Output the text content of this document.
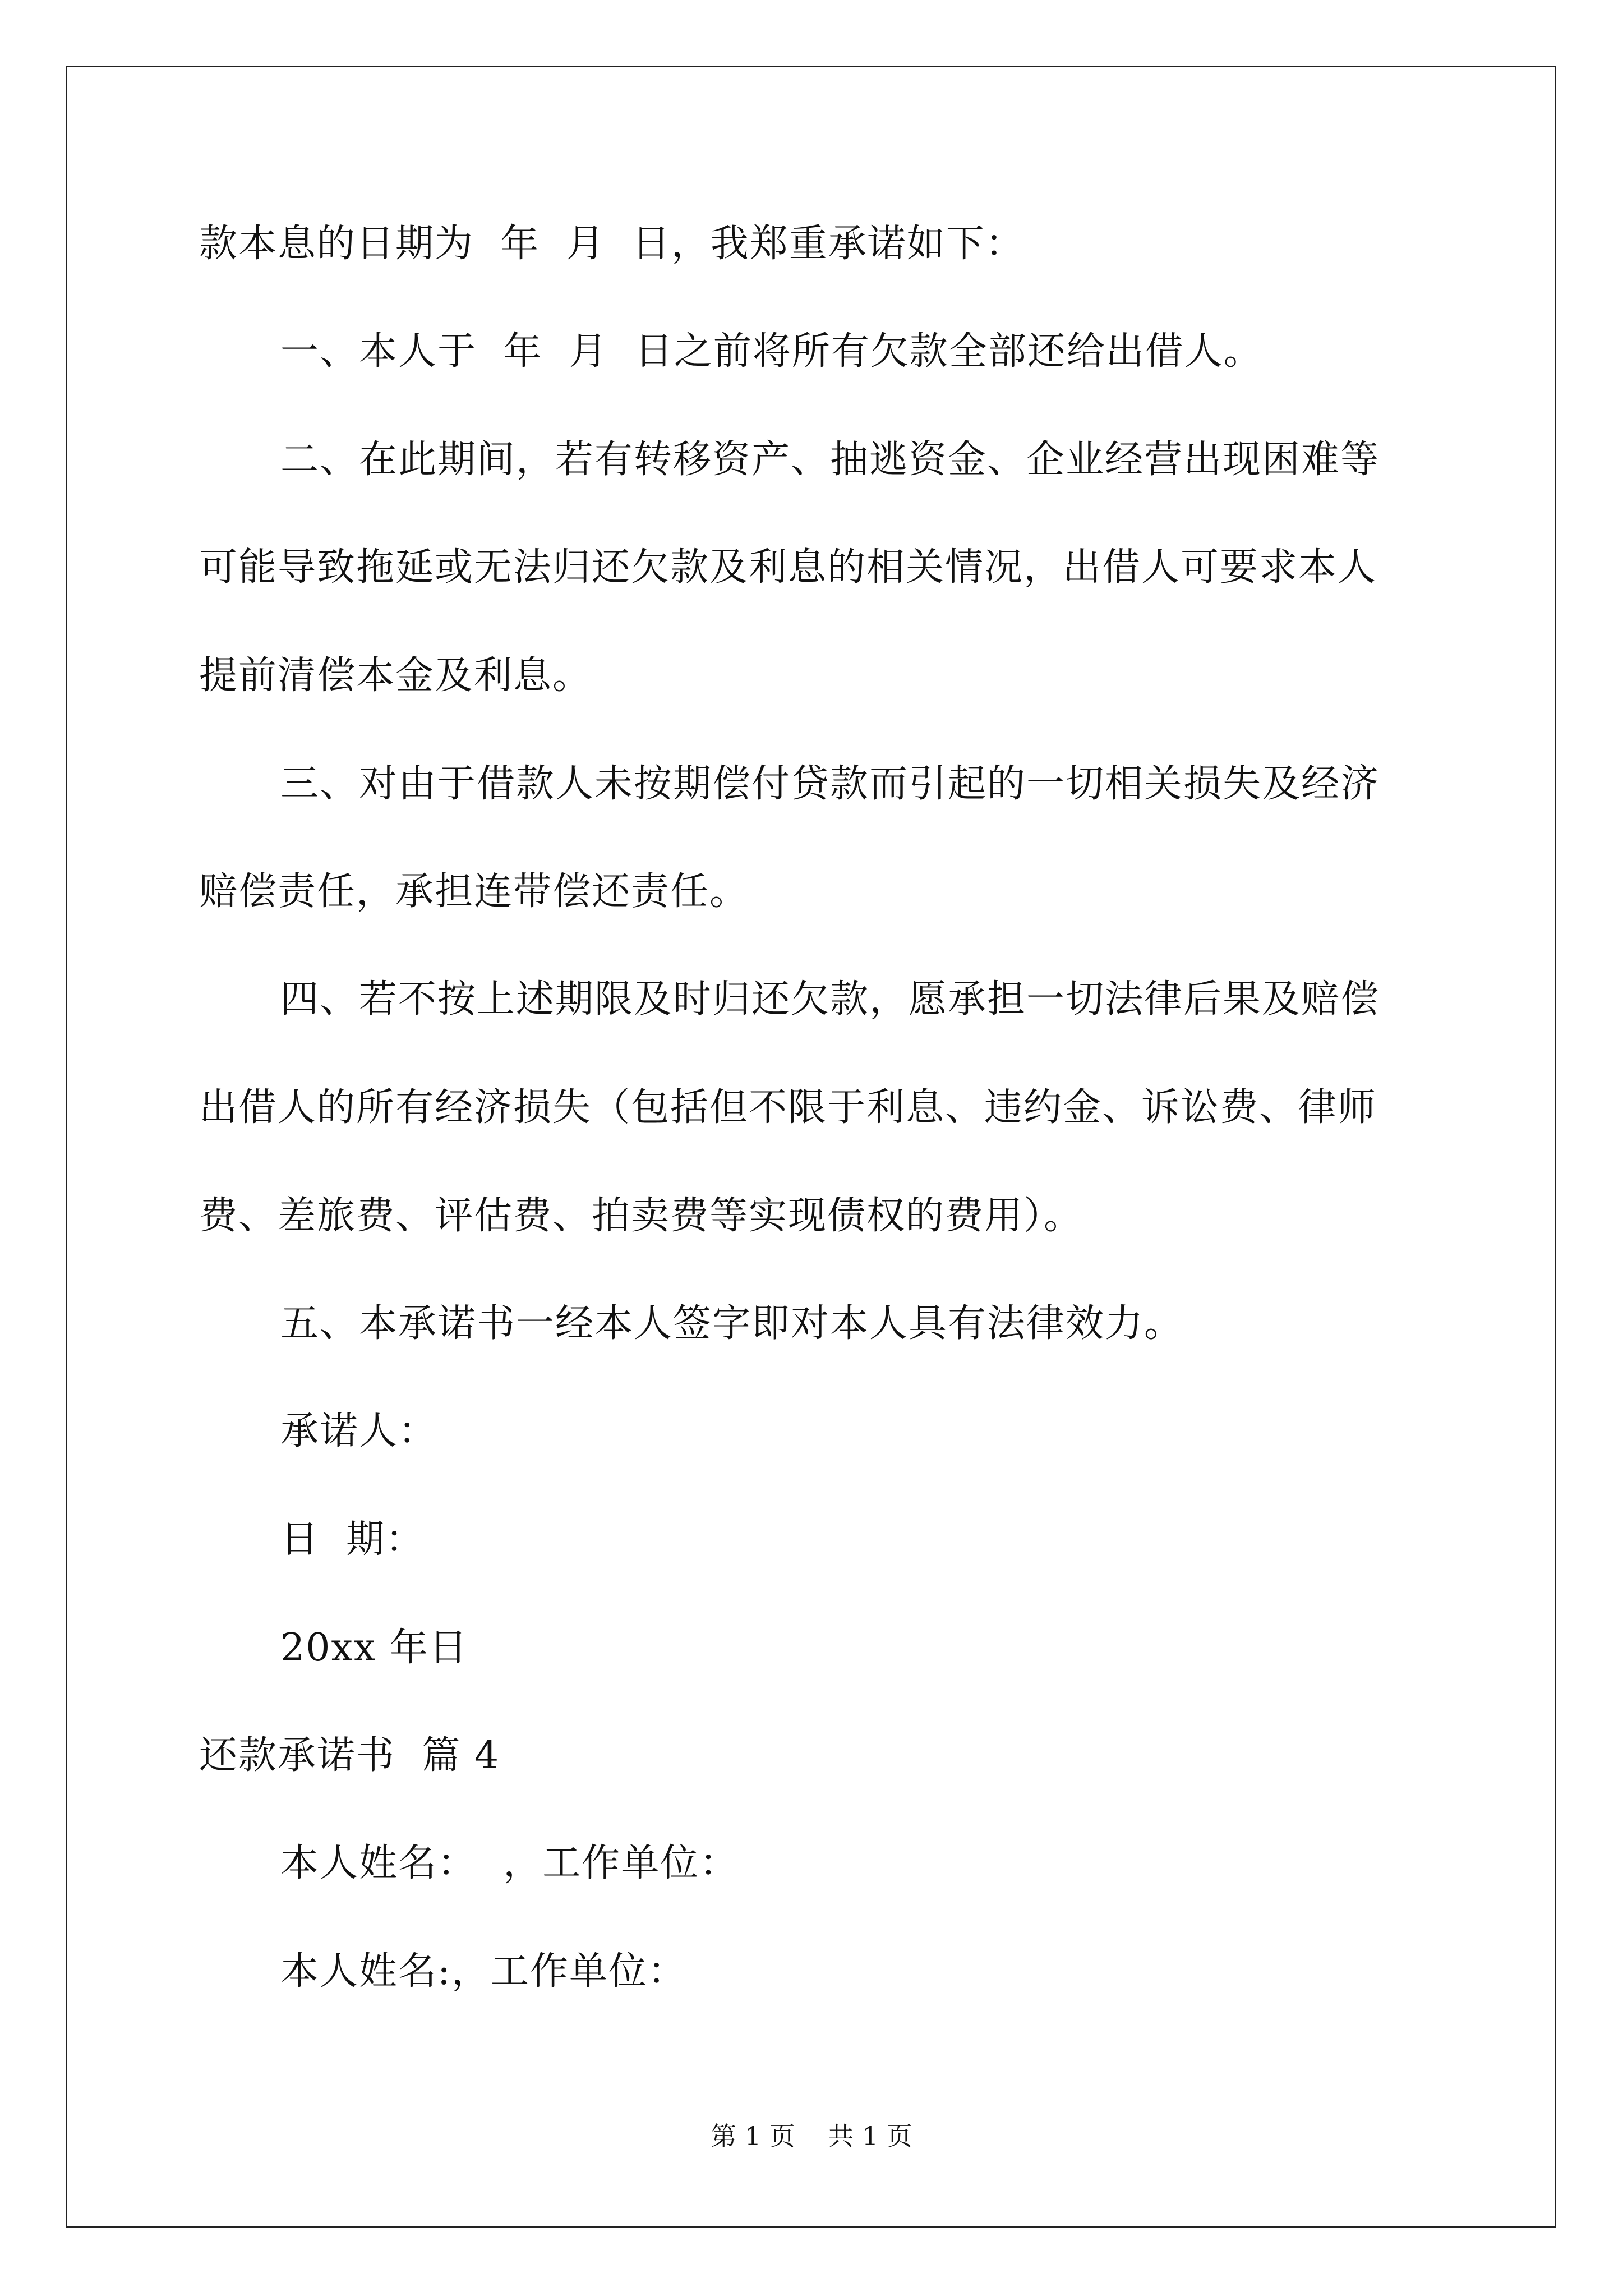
款本息的日期为  年  月  日，我郑重承诺如下：
一、本人于  年  月  日之前将所有欠款全部还给出借人。
二、在此期间，若有转移资产、抽逃资金、企业经营出现困难等
可能导致拖延或无法归还欠款及利息的相关情况，出借人可要求本人
提前清偿本金及利息。
三、对由于借款人未按期偿付贷款而引起的一切相关损失及经济
赔偿责任，承担连带偿还责任。
四、若不按上述期限及时归还欠款，愿承担一切法律后果及赔偿
出借人的所有经济损失（包括但不限于利息、违约金、诉讼费、律师
费、差旅费、评估费、拍卖费等实现债权的费用）。
五、本承诺书一经本人签字即对本人具有法律效力。
承诺人：
日  期：
20xx 年日
还款承诺书  篇 4
本人姓名：  ，工作单位：
本人姓名:，工作单位：
第 1 页    共 1 页
